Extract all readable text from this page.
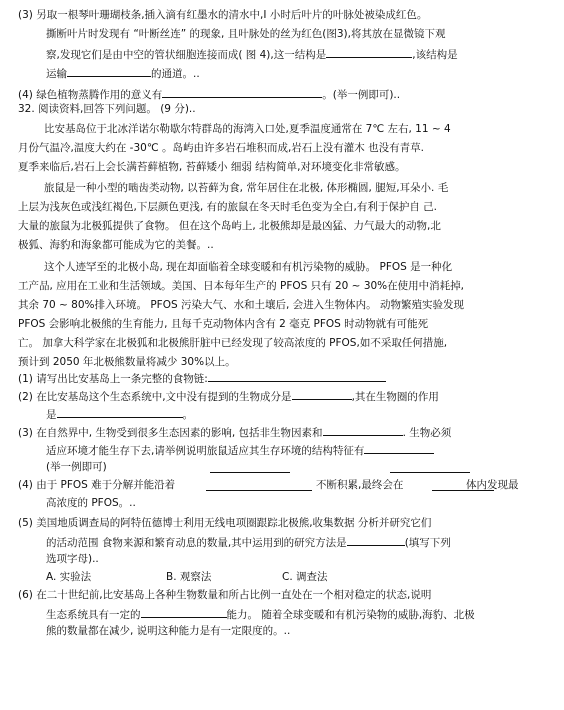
(3) 另取一根琴叶珊瑚枝条,插入滴有红墨水的清水中,I 小时后叶片的叶脉处被染成红色。
撕断叶片时发现有 “叶断丝连” 的现象, 且叶脉处的丝为红色(图3),将其放在显微镜下观
察,发现它们是由中空的管状细胞连接而成( 图 4),这一结构是	,该结构是
运输	的通道。..
(4) 绿色植物蒸腾作用的意义有	。(举一例即可)..
32. 阅读资料,回答下列问题。 (9 分)..
比安基岛位于北冰洋诺尔勒歇尔特群岛的海湾入口处,夏季温度通常在 7℃ 左右, 11 ~ 4
月份气温冷,温度大约在 -30℃ 。岛屿由许多岩石堆积而成,岩石上没有灌木 也没有青草.
夏季来临后,岩石上会长满苔藓植物, 苔藓矮小 细弱 结构简单,对环境变化非常敏感。
旅鼠是一种小型的啮齿类动物, 以苔藓为食, 常年居住在北极, 体形椭圆, 腿短,耳朵小. 毛
上层为浅灰色或浅红褐色,下层颜色更浅, 有的旅鼠在冬天时毛色变为全白,有利于保护自 己.
大量的旅鼠为北极狐提供了食物。 但在这个岛屿上, 北极熊却是最凶猛、力气最大的动物,北
极狐、海豹和海象都可能成为它的美餐。..
这个人迹罕至的北极小岛, 现在却面临着全球变暖和有机污染物的威胁。 PFOS 是一种化
工产品, 应用在工业和生活领域。美国、日本每年生产的 PFOS 只有 20 ~ 30%在使用中消耗掉,
其余 70 ~ 80%排入环境。 PFOS 污染大气、水和土壤后, 会进入生物体内。 动物繁殖实验发现
PFOS 会影响北极熊的生育能力, 且每千克动物体内含有 2 毫克 PFOS 时动物就有可能死
亡。 加拿大科学家在北极狐和北极熊肝脏中已经发现了较高浓度的 PFOS,如不采取任何措施,
预计到 2050 年北极熊数量将减少 30%以上。
(1) 请写出比安基岛上一条完整的食物链:
(2) 在比安基岛这个生态系统中,文中没有提到的生物成分是	,其在生物圈的作用
是	。
(3) 在自然界中, 生物受到很多生态因素的影响, 包括非生物因素和	. 生物必须
适应环境才能生存下去,请举例说明旅鼠适应其生存环境的结构特征有
(举一例即可)
(4) 由于 PFOS 难于分解并能沿着	不断积累,最终会在	体内发现最
高浓度的 PFOS。..
(5) 美国地质调查局的阿特伍德博士利用无线电项圈跟踪北极熊,收集数据 分析并研究它们
的活动范围 食物来源和繁育动息的数量,其中运用到的研究方法是	(填写下列
选项字母)..
A. 实验法	B. 观察法	C. 调查法
(6) 在二十世纪前,比安基岛上各种生物数量和所占比例一直处在一个相对稳定的状态,说明
生态系统具有一定的	能力。 随着全球变暖和有机污染物的威胁,海豹、北极
熊的数量都在减少, 说明这种能力是有一定限度的。..
